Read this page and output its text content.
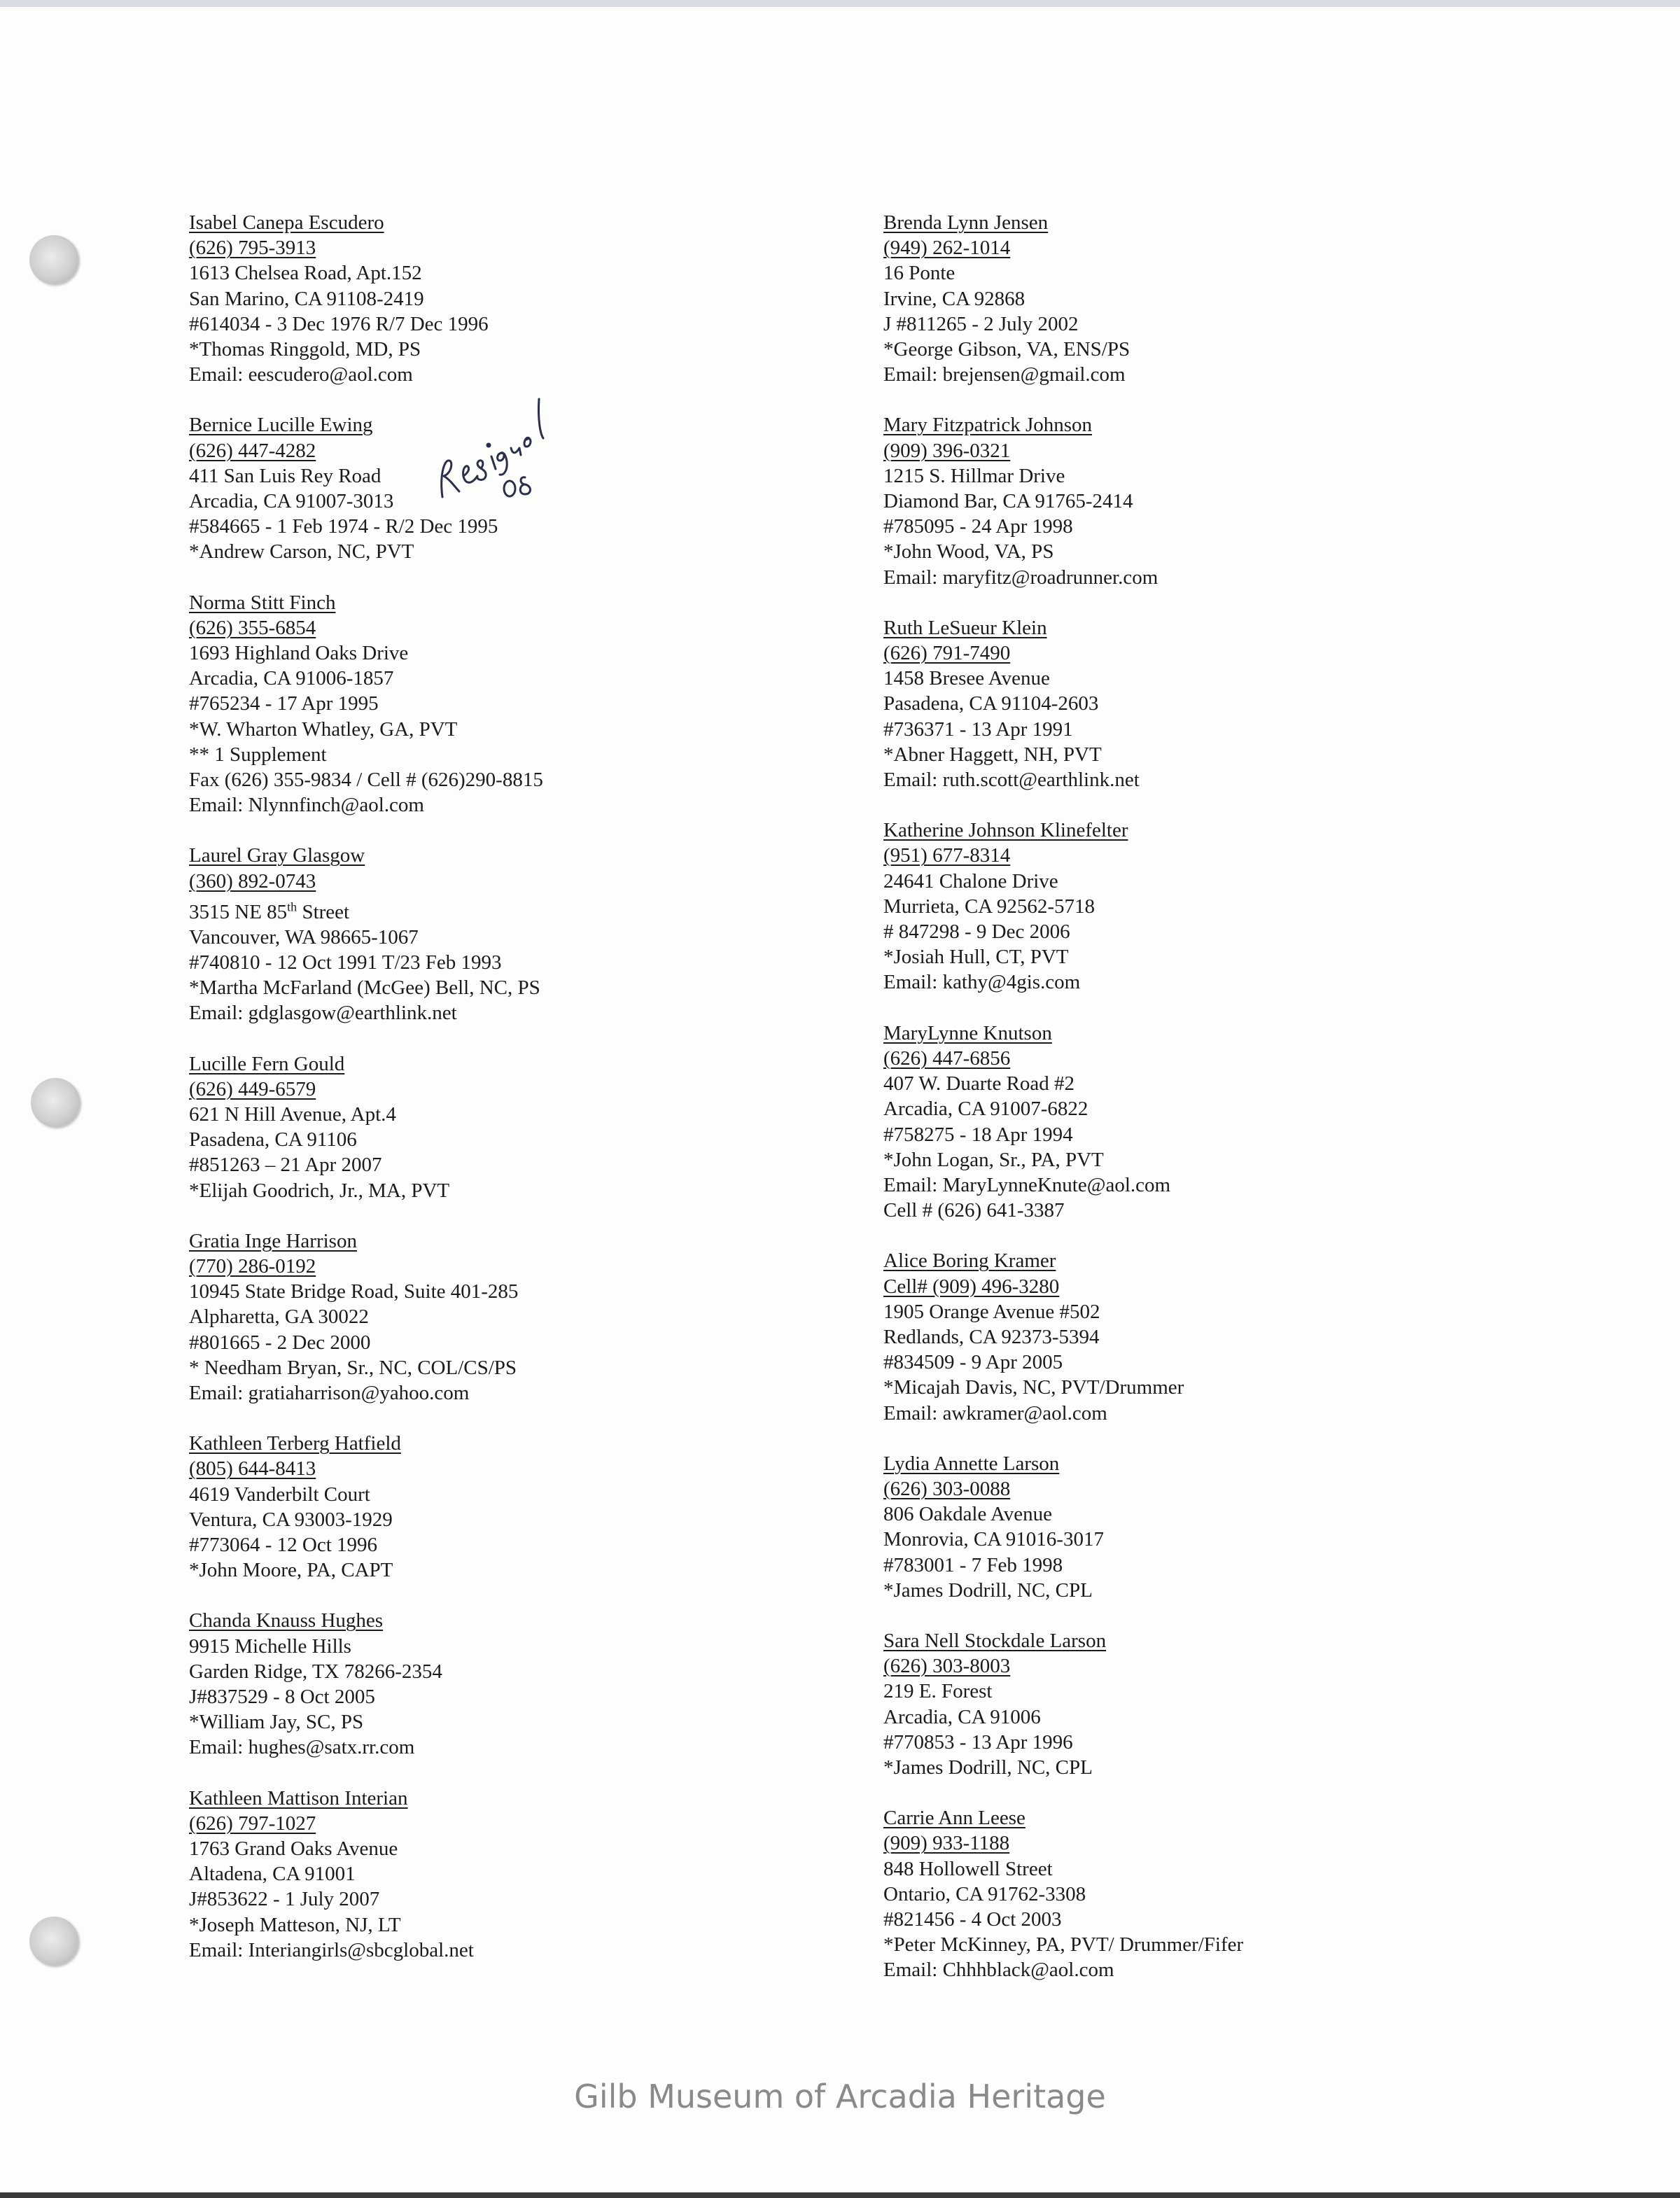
Isabel Canepa Escudero
(626) 795-3913
1613 Chelsea Road, Apt.152
San Marino, CA 91108-2419
#614034 - 3 Dec 1976 R/7 Dec 1996
*Thomas Ringgold, MD, PS
Email: eescudero@aol.com
Bernice Lucille Ewing
(626) 447-4282
411 San Luis Rey Road
Arcadia, CA 91007-3013
#584665 - 1 Feb 1974 - R/2 Dec 1995
*Andrew Carson, NC, PVT
Norma Stitt Finch
(626) 355-6854
1693 Highland Oaks Drive
Arcadia, CA 91006-1857
#765234 - 17 Apr 1995
*W. Wharton Whatley, GA, PVT
** 1 Supplement
Fax (626) 355-9834 / Cell # (626)290-8815
Email: Nlynnfinch@aol.com
Laurel Gray Glasgow
(360) 892-0743
3515 NE 85th Street
Vancouver, WA 98665-1067
#740810 - 12 Oct 1991 T/23 Feb 1993
*Martha McFarland (McGee) Bell, NC, PS
Email: gdglasgow@earthlink.net
Lucille Fern Gould
(626) 449-6579
621 N Hill Avenue, Apt.4
Pasadena, CA 91106
#851263 – 21 Apr 2007
*Elijah Goodrich, Jr., MA, PVT
Gratia Inge Harrison
(770) 286-0192
10945 State Bridge Road, Suite 401-285
Alpharetta, GA 30022
#801665 - 2 Dec 2000
* Needham Bryan, Sr., NC, COL/CS/PS
Email: gratiaharrison@yahoo.com
Kathleen Terberg Hatfield
(805) 644-8413
4619 Vanderbilt Court
Ventura, CA 93003-1929
#773064 - 12 Oct 1996
*John Moore, PA, CAPT
Chanda Knauss Hughes
9915 Michelle Hills
Garden Ridge, TX 78266-2354
J#837529 - 8 Oct 2005
*William Jay, SC, PS
Email: hughes@satx.rr.com
Kathleen Mattison Interian
(626) 797-1027
1763 Grand Oaks Avenue
Altadena, CA 91001
J#853622 - 1 July 2007
*Joseph Matteson, NJ, LT
Email: Interiangirls@sbcglobal.net
Brenda Lynn Jensen
(949) 262-1014
16 Ponte
Irvine, CA 92868
J #811265 - 2 July 2002
*George Gibson, VA, ENS/PS
Email: brejensen@gmail.com
Mary Fitzpatrick Johnson
(909) 396-0321
1215 S. Hillmar Drive
Diamond Bar, CA 91765-2414
#785095 - 24 Apr 1998
*John Wood, VA, PS
Email: maryfitz@roadrunner.com
Ruth LeSueur Klein
(626) 791-7490
1458 Bresee Avenue
Pasadena, CA 91104-2603
#736371 - 13 Apr 1991
*Abner Haggett, NH, PVT
Email: ruth.scott@earthlink.net
Katherine Johnson Klinefelter
(951) 677-8314
24641 Chalone Drive
Murrieta, CA 92562-5718
# 847298 - 9 Dec 2006
*Josiah Hull, CT, PVT
Email: kathy@4gis.com
MaryLynne Knutson
(626) 447-6856
407 W. Duarte Road #2
Arcadia, CA 91007-6822
#758275 - 18 Apr 1994
*John Logan, Sr., PA, PVT
Email: MaryLynneKnute@aol.com
Cell # (626) 641-3387
Alice Boring Kramer
Cell# (909) 496-3280
1905 Orange Avenue #502
Redlands, CA 92373-5394
#834509 - 9 Apr 2005
*Micajah Davis, NC, PVT/Drummer
Email: awkramer@aol.com
Lydia Annette Larson
(626) 303-0088
806 Oakdale Avenue
Monrovia, CA 91016-3017
#783001 - 7 Feb 1998
*James Dodrill, NC, CPL
Sara Nell Stockdale Larson
(626) 303-8003
219 E. Forest
Arcadia, CA 91006
#770853 - 13 Apr 1996
*James Dodrill, NC, CPL
Carrie Ann Leese
(909) 933-1188
848 Hollowell Street
Ontario, CA 91762-3308
#821456 - 4 Oct 2003
*Peter McKinney, PA, PVT/ Drummer/Fifer
Email: Chhhblack@aol.com
Gilb Museum of Arcadia Heritage
